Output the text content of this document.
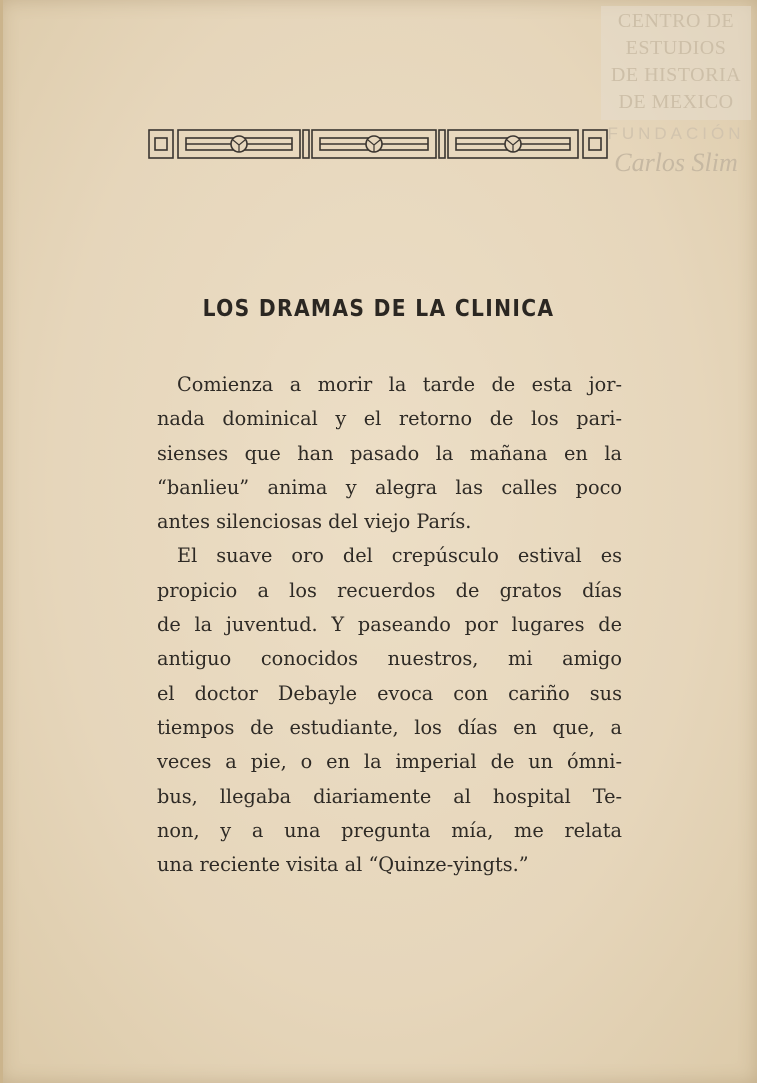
CENTRO DE
ESTUDIOS
DE HISTORIA
DE MEXICO
FUNDACIÓN
Carlos Slim
LOS DRAMAS DE LA CLINICA
Comienza a morir la tarde de esta jor-
nada dominical y el retorno de los pari-
sienses que han pasado la mañana en la
“banlieu” anima y alegra las calles poco
antes silenciosas del viejo París.
El suave oro del crepúsculo estival es
propicio a los recuerdos de gratos días
de la juventud. Y paseando por lugares de
antiguo conocidos nuestros, mi amigo
el doctor Debayle evoca con cariño sus
tiempos de estudiante, los días en que, a
veces a pie, o en la imperial de un ómni-
bus, llegaba diariamente al hospital Te-
non, y a una pregunta mía, me relata
una reciente visita al “Quinze-yingts.”
